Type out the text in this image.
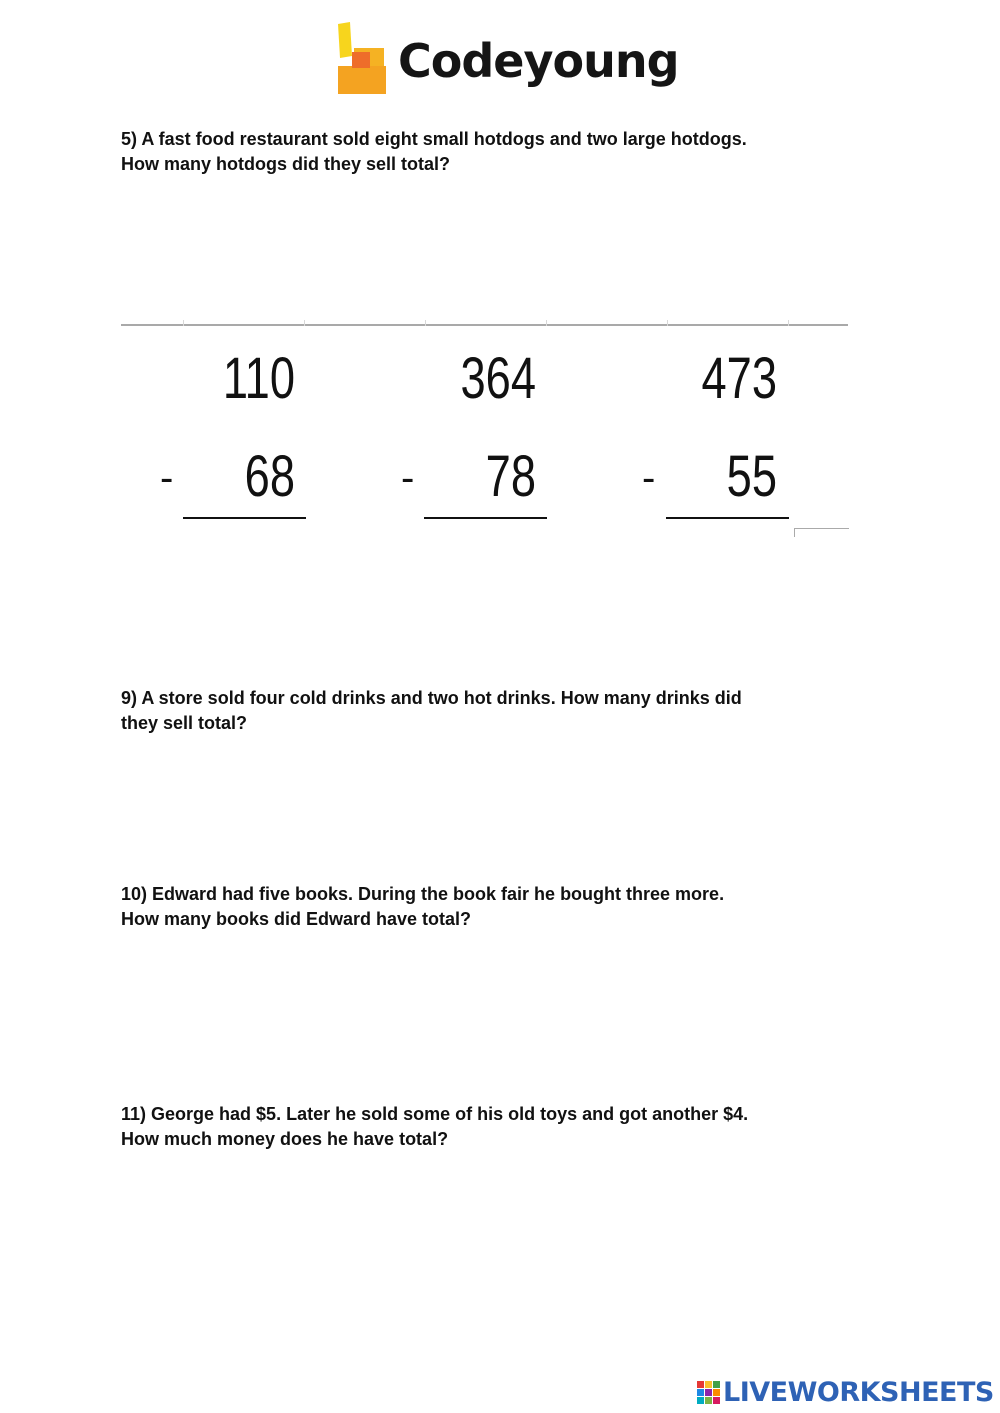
Codeyoung

5) A fast food restaurant sold eight small hotdogs and two large hotdogs. How many hotdogs did they sell total?

110
-	68
364
-	78
473
-	55

9) A store sold four cold drinks and two hot drinks. How many drinks did they sell total?

10) Edward had five books. During the book fair he bought three more. How many books did Edward have total?

11) George had $5. Later he sold some of his old toys and got another $4. How much money does he have total?

LIVEWORKSHEETS
